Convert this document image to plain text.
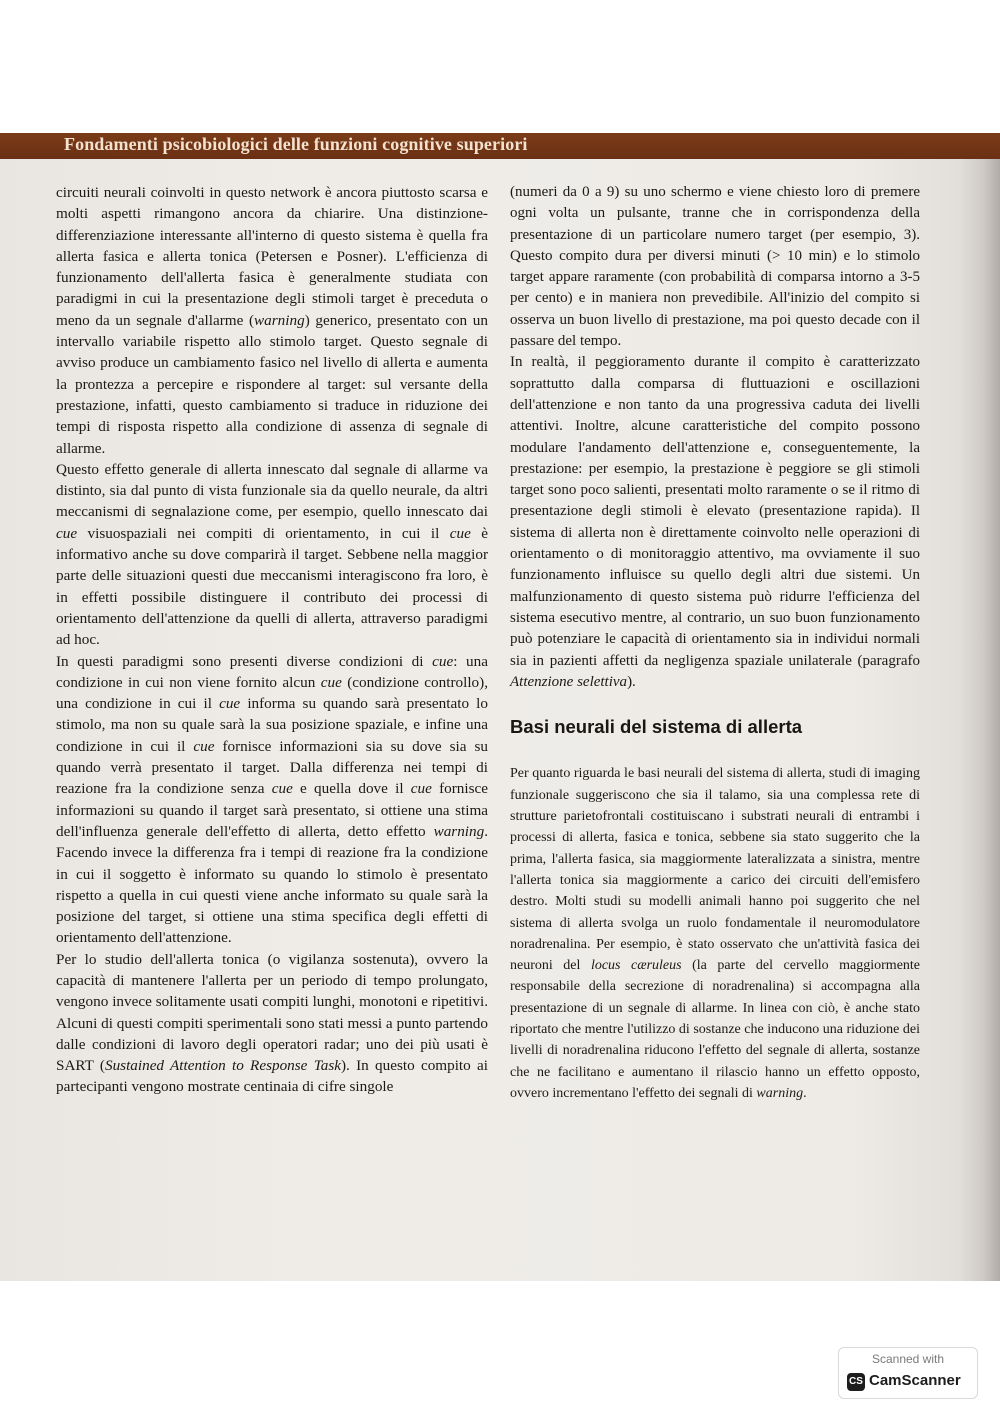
Fondamenti psicobiologici delle funzioni cognitive superiori

circuiti neurali coinvolti in questo network è ancora piuttosto scarsa e molti aspetti rimangono ancora da chiarire. Una distinzione-differenziazione interessante all'interno di questo sistema è quella fra allerta fasica e allerta tonica (Petersen e Posner). L'efficienza di funzionamento dell'allerta fasica è generalmente studiata con paradigmi in cui la presentazione degli stimoli target è preceduta o meno da un segnale d'allarme (warning) generico, presentato con un intervallo variabile rispetto allo stimolo target. Questo segnale di avviso produce un cambiamento fasico nel livello di allerta e aumenta la prontezza a percepire e rispondere al target: sul versante della prestazione, infatti, questo cambiamento si traduce in riduzione dei tempi di risposta rispetto alla condizione di assenza di segnale di allarme.

Questo effetto generale di allerta innescato dal segnale di allarme va distinto, sia dal punto di vista funzionale sia da quello neurale, da altri meccanismi di segnalazione come, per esempio, quello innescato dai cue visuospaziali nei compiti di orientamento, in cui il cue è informativo anche su dove comparirà il target. Sebbene nella maggior parte delle situazioni questi due meccanismi interagiscono fra loro, è in effetti possibile distinguere il contributo dei processi di orientamento dell'attenzione da quelli di allerta, attraverso paradigmi ad hoc.

In questi paradigmi sono presenti diverse condizioni di cue: una condizione in cui non viene fornito alcun cue (condizione controllo), una condizione in cui il cue informa su quando sarà presentato lo stimolo, ma non su quale sarà la sua posizione spaziale, e infine una condizione in cui il cue fornisce informazioni sia su dove sia su quando verrà presentato il target. Dalla differenza nei tempi di reazione fra la condizione senza cue e quella dove il cue fornisce informazioni su quando il target sarà presentato, si ottiene una stima dell'influenza generale dell'effetto di allerta, detto effetto warning. Facendo invece la differenza fra i tempi di reazione fra la condizione in cui il soggetto è informato su quando lo stimolo è presentato rispetto a quella in cui questi viene anche informato su quale sarà la posizione del target, si ottiene una stima specifica degli effetti di orientamento dell'attenzione.

Per lo studio dell'allerta tonica (o vigilanza sostenuta), ovvero la capacità di mantenere l'allerta per un periodo di tempo prolungato, vengono invece solitamente usati compiti lunghi, monotoni e ripetitivi. Alcuni di questi compiti sperimentali sono stati messi a punto partendo dalle condizioni di lavoro degli operatori radar; uno dei più usati è SART (Sustained Attention to Response Task). In questo compito ai partecipanti vengono mostrate centinaia di cifre singole

(numeri da 0 a 9) su uno schermo e viene chiesto loro di premere ogni volta un pulsante, tranne che in corrispondenza della presentazione di un particolare numero target (per esempio, 3). Questo compito dura per diversi minuti (> 10 min) e lo stimolo target appare raramente (con probabilità di comparsa intorno a 3-5 per cento) e in maniera non prevedibile. All'inizio del compito si osserva un buon livello di prestazione, ma poi questo decade con il passare del tempo.

In realtà, il peggioramento durante il compito è caratterizzato soprattutto dalla comparsa di fluttuazioni e oscillazioni dell'attenzione e non tanto da una progressiva caduta dei livelli attentivi. Inoltre, alcune caratteristiche del compito possono modulare l'andamento dell'attenzione e, conseguentemente, la prestazione: per esempio, la prestazione è peggiore se gli stimoli target sono poco salienti, presentati molto raramente o se il ritmo di presentazione degli stimoli è elevato (presentazione rapida). Il sistema di allerta non è direttamente coinvolto nelle operazioni di orientamento o di monitoraggio attentivo, ma ovviamente il suo funzionamento influisce su quello degli altri due sistemi. Un malfunzionamento di questo sistema può ridurre l'efficienza del sistema esecutivo mentre, al contrario, un suo buon funzionamento può potenziare le capacità di orientamento sia in individui normali sia in pazienti affetti da negligenza spaziale unilaterale (paragrafo Attenzione selettiva).

Basi neurali del sistema di allerta

Per quanto riguarda le basi neurali del sistema di allerta, studi di imaging funzionale suggeriscono che sia il talamo, sia una complessa rete di strutture parietofrontali costituiscano i substrati neurali di entrambi i processi di allerta, fasica e tonica, sebbene sia stato suggerito che la prima, l'allerta fasica, sia maggiormente lateralizzata a sinistra, mentre l'allerta tonica sia maggiormente a carico dei circuiti dell'emisfero destro. Molti studi su modelli animali hanno poi suggerito che nel sistema di allerta svolga un ruolo fondamentale il neuromodulatore noradrenalina. Per esempio, è stato osservato che un'attività fasica dei neuroni del locus cæruleus (la parte del cervello maggiormente responsabile della secrezione di noradrenalina) si accompagna alla presentazione di un segnale di allarme. In linea con ciò, è anche stato riportato che mentre l'utilizzo di sostanze che inducono una riduzione dei livelli di noradrenalina riducono l'effetto del segnale di allerta, sostanze che ne facilitano e aumentano il rilascio hanno un effetto opposto, ovvero incrementano l'effetto dei segnali di warning.

Scanned with
CS CamScanner
